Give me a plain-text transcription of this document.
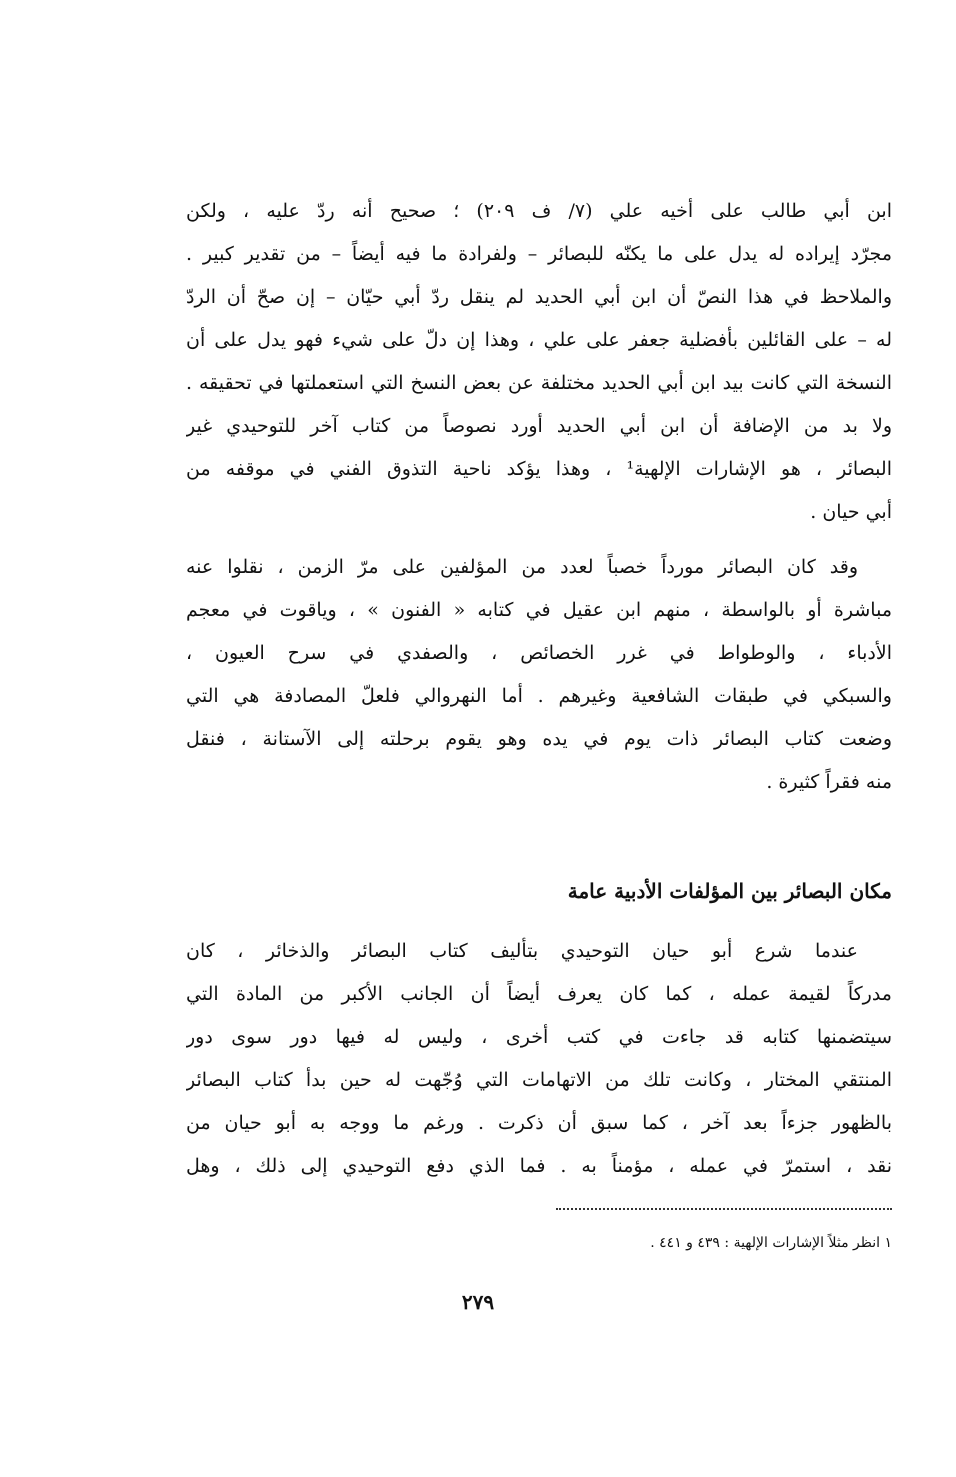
ابن أبي طالب على أخيه علي (٧/ ف ٢٠٩) ؛ صحيح أنه ردّ عليه ، ولكن
مجرّد إيراده له يدل على ما يكنّه للبصائر – ولفرادة ما فيه أيضاً – من تقدير كبير .
والملاحظ في هذا النصّ أن ابن أبي الحديد لم ينقل ردّ أبي حيّان – إن صحّ أن الردّ
له – على القائلين بأفضلية جعفر على علي ، وهذا إن دلّ على شيء فهو يدل على أن
النسخة التي كانت بيد ابن أبي الحديد مختلفة عن بعض النسخ التي استعملتها في تحقيقه .
ولا بد من الإضافة أن ابن أبي الحديد أورد نصوصاً من كتاب آخر للتوحيدي غير
البصائر ، هو الإشارات الإلهية¹ ، وهذا يؤكد ناحية التذوق الفني في موقفه من
أبي حيان .
وقد كان البصائر مورداً خصباً لعدد من المؤلفين على مرّ الزمن ، نقلوا عنه
مباشرة أو بالواسطة ، منهم ابن عقيل في كتابه « الفنون » ، وياقوت في معجم
الأدباء ، والوطواط في غرر الخصائص ، والصفدي في سرح العيون ،
والسبكي في طبقات الشافعية وغيرهم . أما النهروالي فلعلّ المصادفة هي التي
وضعت كتاب البصائر ذات يوم في يده وهو يقوم برحلته إلى الآستانة ، فنقل
منه فقراً كثيرة .
مكان البصائر بين المؤلفات الأدبية عامة
عندما شرع أبو حيان التوحيدي بتأليف كتاب البصائر والذخائر ، كان
مدركاً لقيمة عمله ، كما كان يعرف أيضاً أن الجانب الأكبر من المادة التي
سيتضمنها كتابه قد جاءت في كتب أخرى ، وليس له فيها دور سوى دور
المنتقي المختار ، وكانت تلك من الاتهامات التي وُجّهت له حين بدأ كتاب البصائر
بالظهور جزءاً بعد آخر ، كما سبق أن ذكرت . ورغم ما ووجه به أبو حيان من
نقد ، استمرّ في عمله ، مؤمناً به . فما الذي دفع التوحيدي إلى ذلك ، وهل
١ انظر مثلاً الإشارات الإلهية : ٤٣٩ و ٤٤١ .
٢٧٩
